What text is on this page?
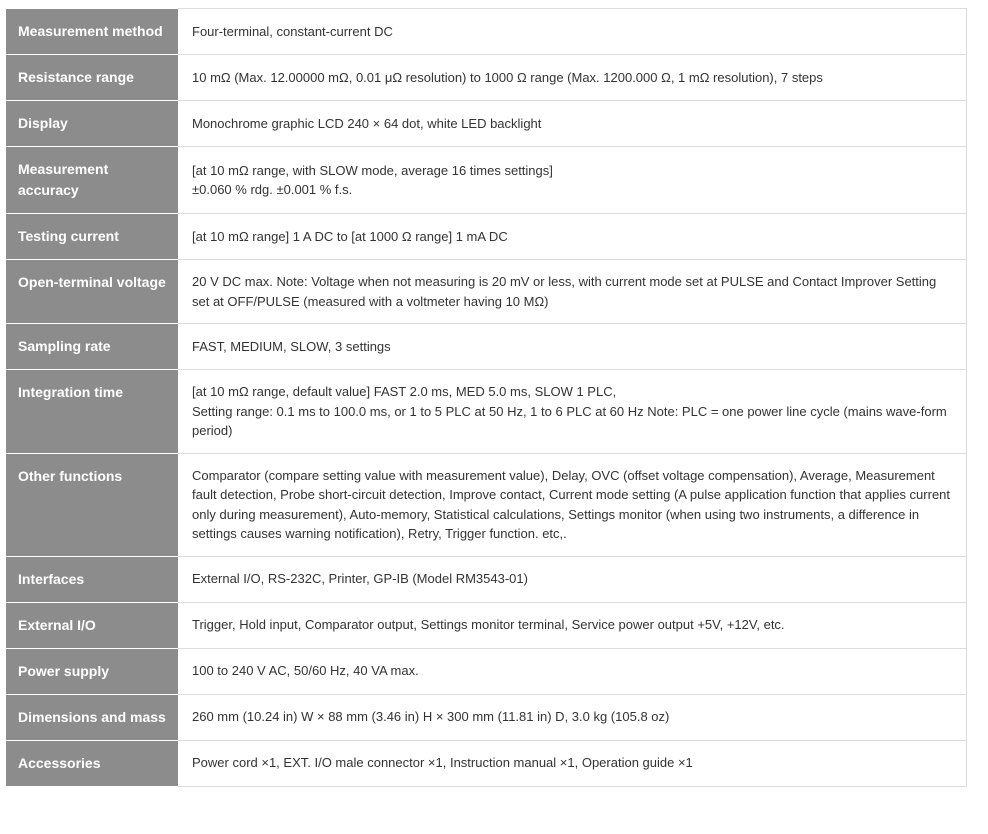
Measurement method	Four-terminal, constant-current DC

Resistance range	10 mΩ (Max. 12.00000 mΩ, 0.01 μΩ resolution) to 1000 Ω range (Max. 1200.000 Ω, 1 mΩ resolution), 7 steps

Display	Monochrome graphic LCD 240 × 64 dot, white LED backlight

Measurement accuracy	[at 10 mΩ range, with SLOW mode, average 16 times settings]
±0.060 % rdg. ±0.001 % f.s.

Testing current	[at 10 mΩ range] 1 A DC to [at 1000 Ω range] 1 mA DC

Open-terminal voltage	20 V DC max. Note: Voltage when not measuring is 20 mV or less, with current mode set at PULSE and Contact Improver Setting set at OFF/PULSE (measured with a voltmeter having 10 MΩ)

Sampling rate	FAST, MEDIUM, SLOW, 3 settings

Integration time	[at 10 mΩ range, default value] FAST 2.0 ms, MED 5.0 ms, SLOW 1 PLC,
Setting range: 0.1 ms to 100.0 ms, or 1 to 5 PLC at 50 Hz, 1 to 6 PLC at 60 Hz Note: PLC = one power line cycle (mains wave-form period)

Other functions	Comparator (compare setting value with measurement value), Delay, OVC (offset voltage compensation), Average, Measurement fault detection, Probe short-circuit detection, Improve contact, Current mode setting (A pulse application function that applies current only during measurement), Auto-memory, Statistical calculations, Settings monitor (when using two instruments, a difference in settings causes warning notification), Retry, Trigger function. etc,.

Interfaces	External I/O, RS-232C, Printer, GP-IB (Model RM3543-01)

External I/O	Trigger, Hold input, Comparator output, Settings monitor terminal, Service power output +5V, +12V, etc.

Power supply	100 to 240 V AC, 50/60 Hz, 40 VA max.

Dimensions and mass	260 mm (10.24 in) W × 88 mm (3.46 in) H × 300 mm (11.81 in) D, 3.0 kg (105.8 oz)

Accessories	Power cord ×1, EXT. I/O male connector ×1, Instruction manual ×1, Operation guide ×1
